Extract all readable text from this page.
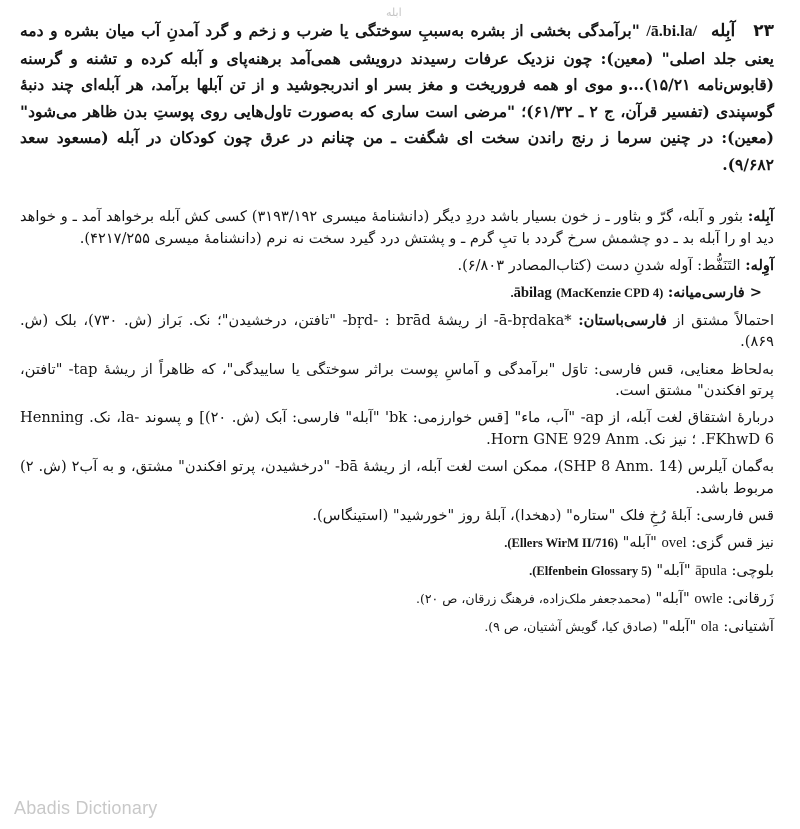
ابله
۲۳آبِله/ā.bi.la/ "برآمدگی بخشی از بشره به‌سببِ سوختگی یا ضرب و زخم و گرد آمدنِ آب میان بشره و دمه یعنی جلد اصلی" (معین): چون نزدیک عرفات رسیدند درویشی همی‌آمد برهنه‌پای و آبله کرده و تشنه و گرسنه (قابوس‌نامه ۱۵/۲۱)...و موی او همه فروریخت و مغز بسر او اندربجوشید و از تن آبلها برآمد، هر آبله‌ای چند دنبهٔ گوسپندی (تفسیر قرآن، ج ۲ ـ ۶۱/۳۲)؛ "مرضی است ساری که به‌صورت تاول‌هایی روی پوستِ بدن ظاهر می‌شود" (معین): در چنین سرما ز رنج راندن سخت ای شگفت ـ من چنانم در عرق چون کودکان در آبله (مسعود سعد ۹/۶۸۲).

آبِله: بثور و آبله، گرّ و بثاور ـ ز خون بسیار باشد دردِ دیگر (دانشنامهٔ میسری ۳۱۹۳/۱۹۲) کسی کش آبله برخواهد آمد ـ و خواهد دید او را آبله بد ـ دو چشمش سرخ گردد با تبِ گرم ـ و پشتش درد گیرد سخت نه نرم (دانشنامهٔ میسری ۴۲۱۷/۲۵۵).

آوِله: التَنَفُّط: آوله شدنِ دست (کتاب‌المصادر ۶/۸۰۳).

< فارسی‌میانه: ābilag (MacKenzie CPD 4).

احتمالاً مشتق از فارسی‌باستان: *ā-bṛdaka- از ریشهٔ bṛd- : brād- "تافتن، درخشیدن"؛ نک. بَراز (ش. ۷۳۰)، بلک (ش. ۸۶۹).

به‌لحاظ معنایی، قس فارسی: تاوَل "برآمدگی و آماسِ پوست براثر سوختگی یا ساییدگی"، که ظاهراً از ریشهٔ tap- "تافتن، پرتو افکندن" مشتق است.

دربارهٔ اشتقاق لغت آبله، از ap- "آب، ماء" [قس خوارزمی: bk' "آبله" فارسی: آبک (ش. ۲۰)] و پسوند -la، نک. Henning FKhwD 6. ؛ نیز نک. Horn GNE 929 Anm.

به‌گمان آیلرس (SHP 8 Anm. 14)، ممکن است لغت آبله، از ریشهٔ bā- "درخشیدن، پرتو افکندن" مشتق، و به آب۲ (ش. ۲) مربوط باشد.

قس فارسی: آبلهٔ رُخِ فلک "ستاره" (دهخدا)، آبلهٔ روز "خورشید" (استینگاس).

نیز قس گزی: ovel "آبله" (Ellers WirM II/716).

بلوچی: āpula "آبله" (Elfenbein Glossary 5).

زَرقانی: owle "آبله" (محمدجعفر ملک‌زاده، فرهنگ زرقان، ص ۲۰).

آشتیانی: ola "آبله" (صادق کیا، گویش آشتیان، ص ۹).

Abadis Dictionary
